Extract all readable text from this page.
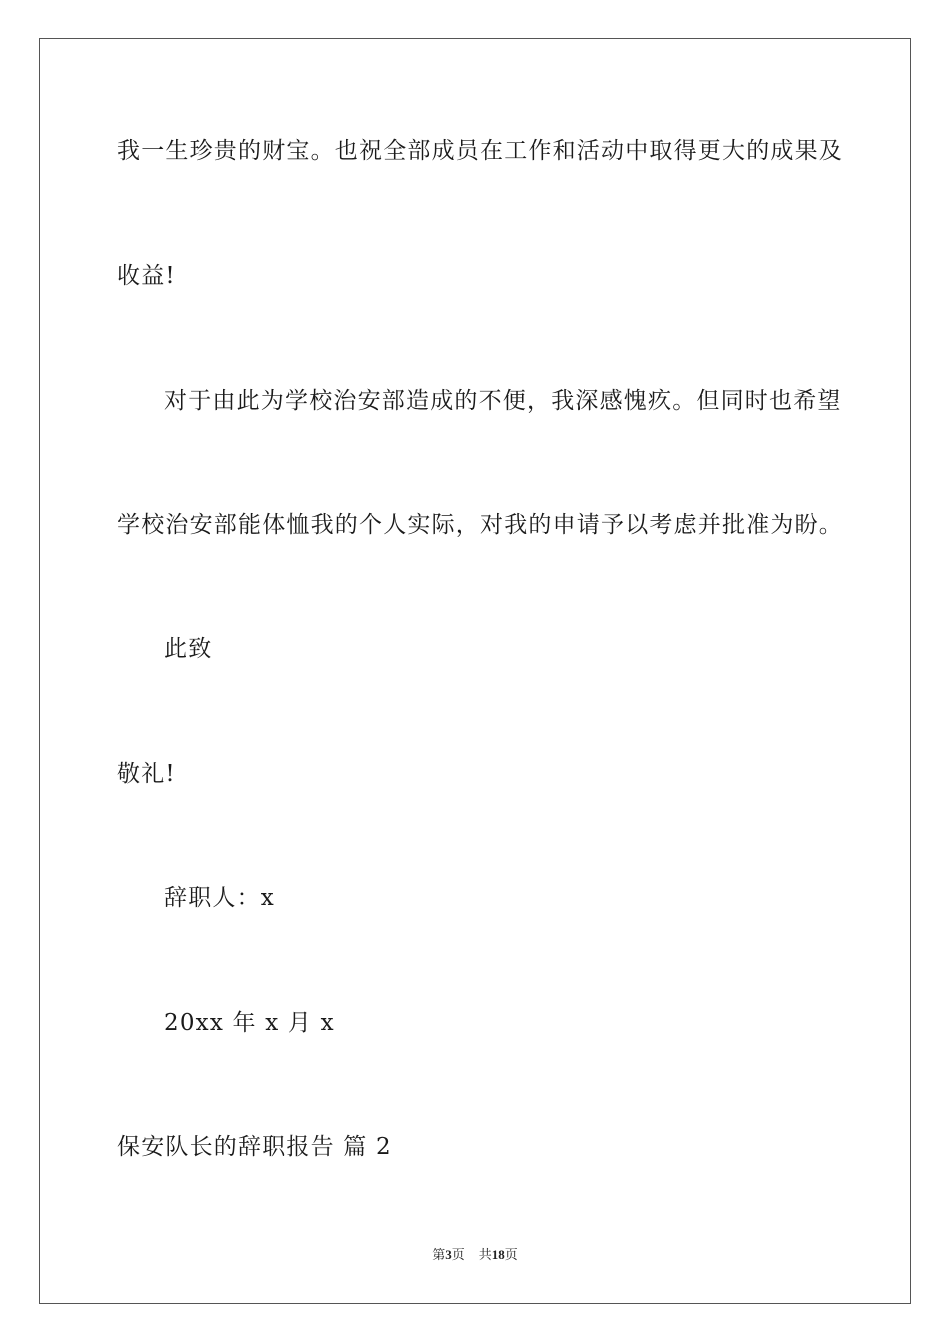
我一生珍贵的财宝。也祝全部成员在工作和活动中取得更大的成果及
收益!
对于由此为学校治安部造成的不便，我深感愧疚。但同时也希望
学校治安部能体恤我的个人实际，对我的申请予以考虑并批准为盼。
此致
敬礼!
辞职人：x
20xx 年 x 月 x
保安队长的辞职报告 篇 2
第3页 共18页
